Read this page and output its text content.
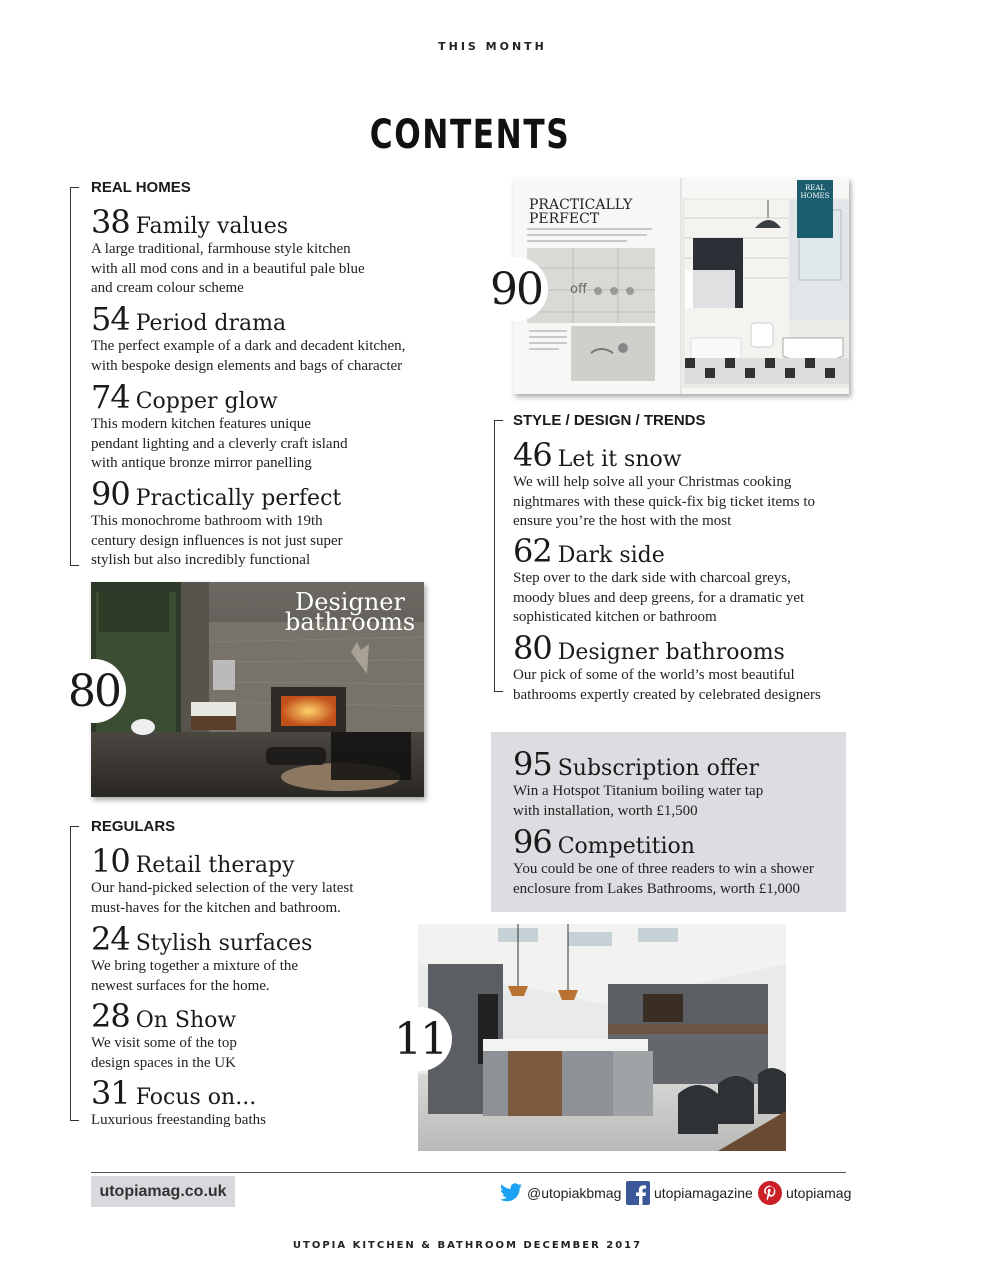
THIS MONTH
CONTENTS
REAL HOMES
38 Family values
A large traditional, farmhouse style kitchen with all mod cons and in a beautiful pale blue and cream colour scheme
54 Period drama
The perfect example of a dark and decadent kitchen, with bespoke design elements and bags of character
74 Copper glow
This modern kitchen features unique pendant lighting and a cleverly craft island with antique bronze mirror panelling
90 Practically perfect
This monochrome bathroom with 19th century design influences is not just super stylish but also incredibly functional
PRACTICALLY PERFECT
REAL HOMES
off
90
STYLE / DESIGN / TRENDS
46 Let it snow
We will help solve all your Christmas cooking nightmares with these quick-fix big ticket items to ensure you’re the host with the most
62 Dark side
Step over to the dark side with charcoal greys, moody blues and deep greens, for a dramatic yet sophisticated kitchen or bathroom
80 Designer bathrooms
Our pick of some of the world’s most beautiful bathrooms expertly created by celebrated designers
Designer
bathrooms
80
95 Subscription offer
Win a Hotspot Titanium boiling water tap with installation, worth £1,500
96 Competition
You could be one of three readers to win a shower enclosure from Lakes Bathrooms, worth £1,000
REGULARS
10 Retail therapy
Our hand-picked selection of the very latest must-haves for the kitchen and bathroom.
24 Stylish surfaces
We bring together a mixture of the newest surfaces for the home.
28 On Show
We visit some of the top design spaces in the UK
31 Focus on...
Luxurious freestanding baths
11
utopiamag.co.uk	@utopiakbmag utopiamagazine utopiamag
UTOPIA KITCHEN & BATHROOM DECEMBER 2017
